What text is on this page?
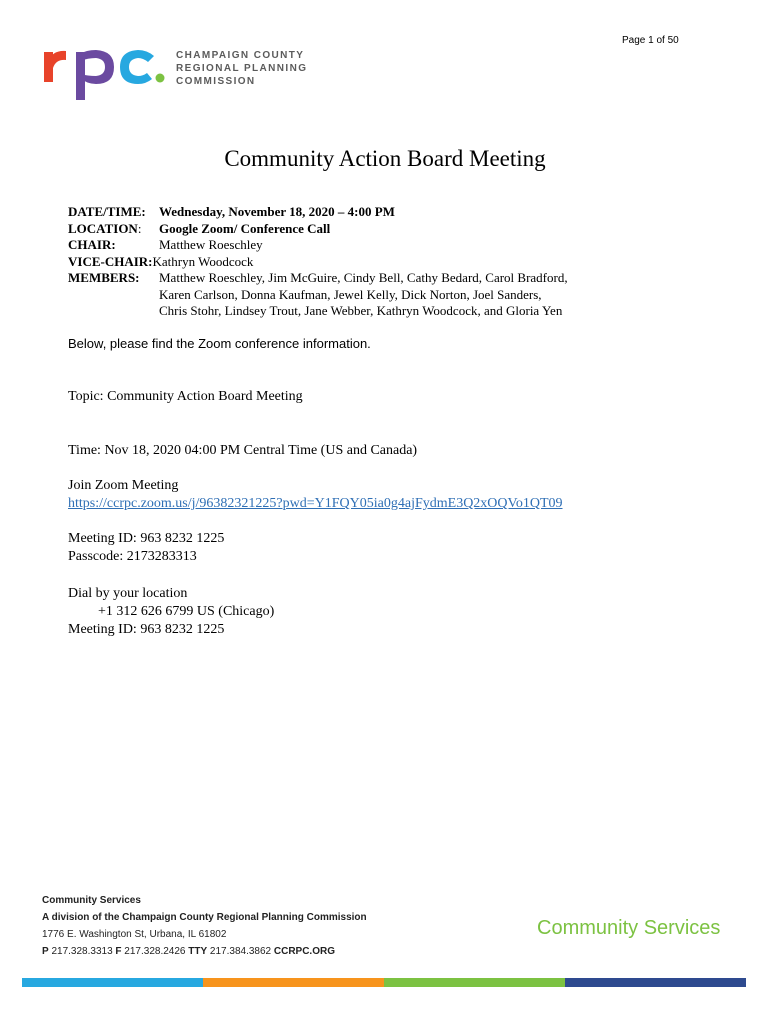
Page 1 of 50
CHAMPAIGN COUNTY
REGIONAL PLANNING
COMMISSION
Community Action Board Meeting
DATE/TIME:	Wednesday, November 18, 2020 – 4:00 PM
LOCATION:	Google Zoom/ Conference Call
CHAIR:	Matthew Roeschley
VICE-CHAIR: Kathryn Woodcock
MEMBERS:	Matthew Roeschley, Jim McGuire, Cindy Bell, Cathy Bedard, Carol Bradford,
Karen Carlson, Donna Kaufman, Jewel Kelly, Dick Norton, Joel Sanders,
Chris Stohr, Lindsey Trout, Jane Webber, Kathryn Woodcock, and Gloria Yen
Below, please find the Zoom conference information.
Topic: Community Action Board Meeting
Time: Nov 18, 2020 04:00 PM Central Time (US and Canada)
Join Zoom Meeting
https://ccrpc.zoom.us/j/96382321225?pwd=Y1FQY05ia0g4ajFydmE3Q2xOQVo1QT09
Meeting ID: 963 8232 1225
Passcode: 2173283313
Dial by your location
+1 312 626 6799 US (Chicago)
Meeting ID: 963 8232 1225
Community Services
A division of the Champaign County Regional Planning Commission
1776 E. Washington St, Urbana, IL 61802
P 217.328.3313 F 217.328.2426 TTY 217.384.3862 CCRPC.ORG
Community Services
